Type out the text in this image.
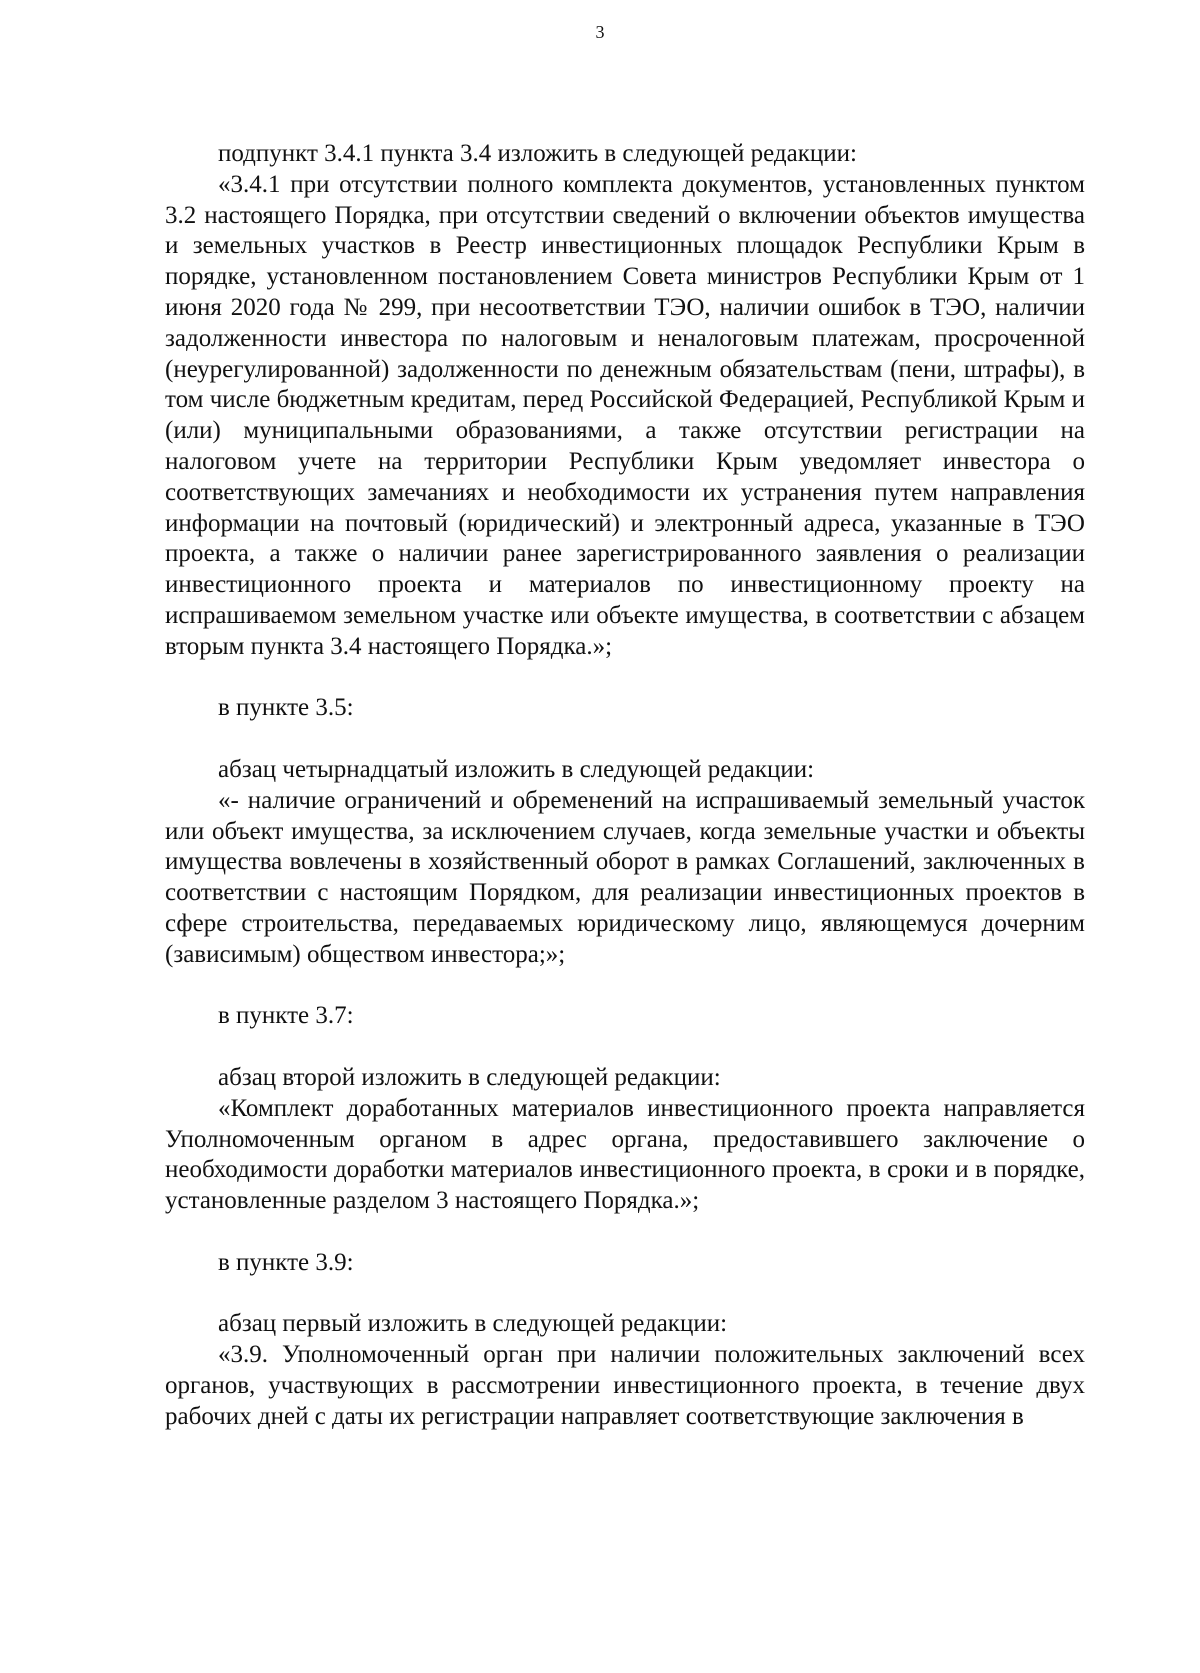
3

подпункт 3.4.1 пункта 3.4 изложить в следующей редакции:

«3.4.1 при отсутствии полного комплекта документов, установленных пунктом 3.2 настоящего Порядка, при отсутствии сведений о включении объектов имущества и земельных участков в Реестр инвестиционных площадок Республики Крым в порядке, установленном постановлением Совета министров Республики Крым от 1 июня 2020 года № 299, при несоответствии ТЭО, наличии ошибок в ТЭО, наличии задолженности инвестора по налоговым и неналоговым платежам, просроченной (неурегулированной) задолженности по денежным обязательствам (пени, штрафы), в том числе бюджетным кредитам, перед Российской Федерацией, Республикой Крым и (или) муниципальными образованиями, а также отсутствии регистрации на налоговом учете на территории Республики Крым уведомляет инвестора о соответствующих замечаниях и необходимости их устранения путем направления информации на почтовый (юридический) и электронный адреса, указанные в ТЭО проекта, а также о наличии ранее зарегистрированного заявления о реализации инвестиционного проекта и материалов по инвестиционному проекту на испрашиваемом земельном участке или объекте имущества, в соответствии с абзацем вторым пункта 3.4 настоящего Порядка.»;

в пункте 3.5:

абзац четырнадцатый изложить в следующей редакции:

«- наличие ограничений и обременений на испрашиваемый земельный участок или объект имущества, за исключением случаев, когда земельные участки и объекты имущества вовлечены в хозяйственный оборот в рамках Соглашений, заключенных в соответствии с настоящим Порядком, для реализации инвестиционных проектов в сфере строительства, передаваемых юридическому лицо, являющемуся дочерним (зависимым) обществом инвестора;»;

в пункте 3.7:

абзац второй изложить в следующей редакции:

«Комплект доработанных материалов инвестиционного проекта направляется Уполномоченным органом в адрес органа, предоставившего заключение о необходимости доработки материалов инвестиционного проекта, в сроки и в порядке, установленные разделом 3 настоящего Порядка.»;

в пункте 3.9:

абзац первый изложить в следующей редакции:

«3.9. Уполномоченный орган при наличии положительных заключений всех органов, участвующих в рассмотрении инвестиционного проекта, в течение двух рабочих дней с даты их регистрации направляет соответствующие заключения в
